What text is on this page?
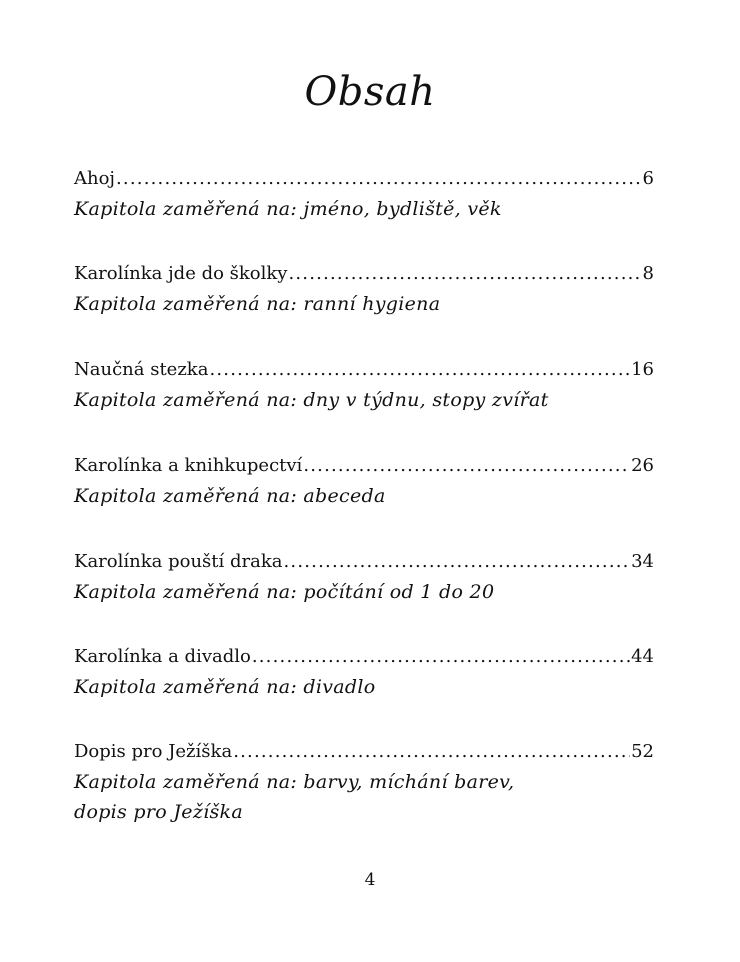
Obsah
Ahoj .....	6
Kapitola zaměřená na: jméno, bydliště, věk
Karolínka jde do školky .....	8
Kapitola zaměřená na: ranní hygiena
Naučná stezka .....	16
Kapitola zaměřená na: dny v týdnu, stopy zvířat
Karolínka a knihkupectví .....	26
Kapitola zaměřená na: abeceda
Karolínka pouští draka .....	34
Kapitola zaměřená na: počítání od 1 do 20
Karolínka a divadlo .....	44
Kapitola zaměřená na: divadlo
Dopis pro Ježíška .....	52
Kapitola zaměřená na: barvy, míchání barev,
dopis pro Ježíška
4
